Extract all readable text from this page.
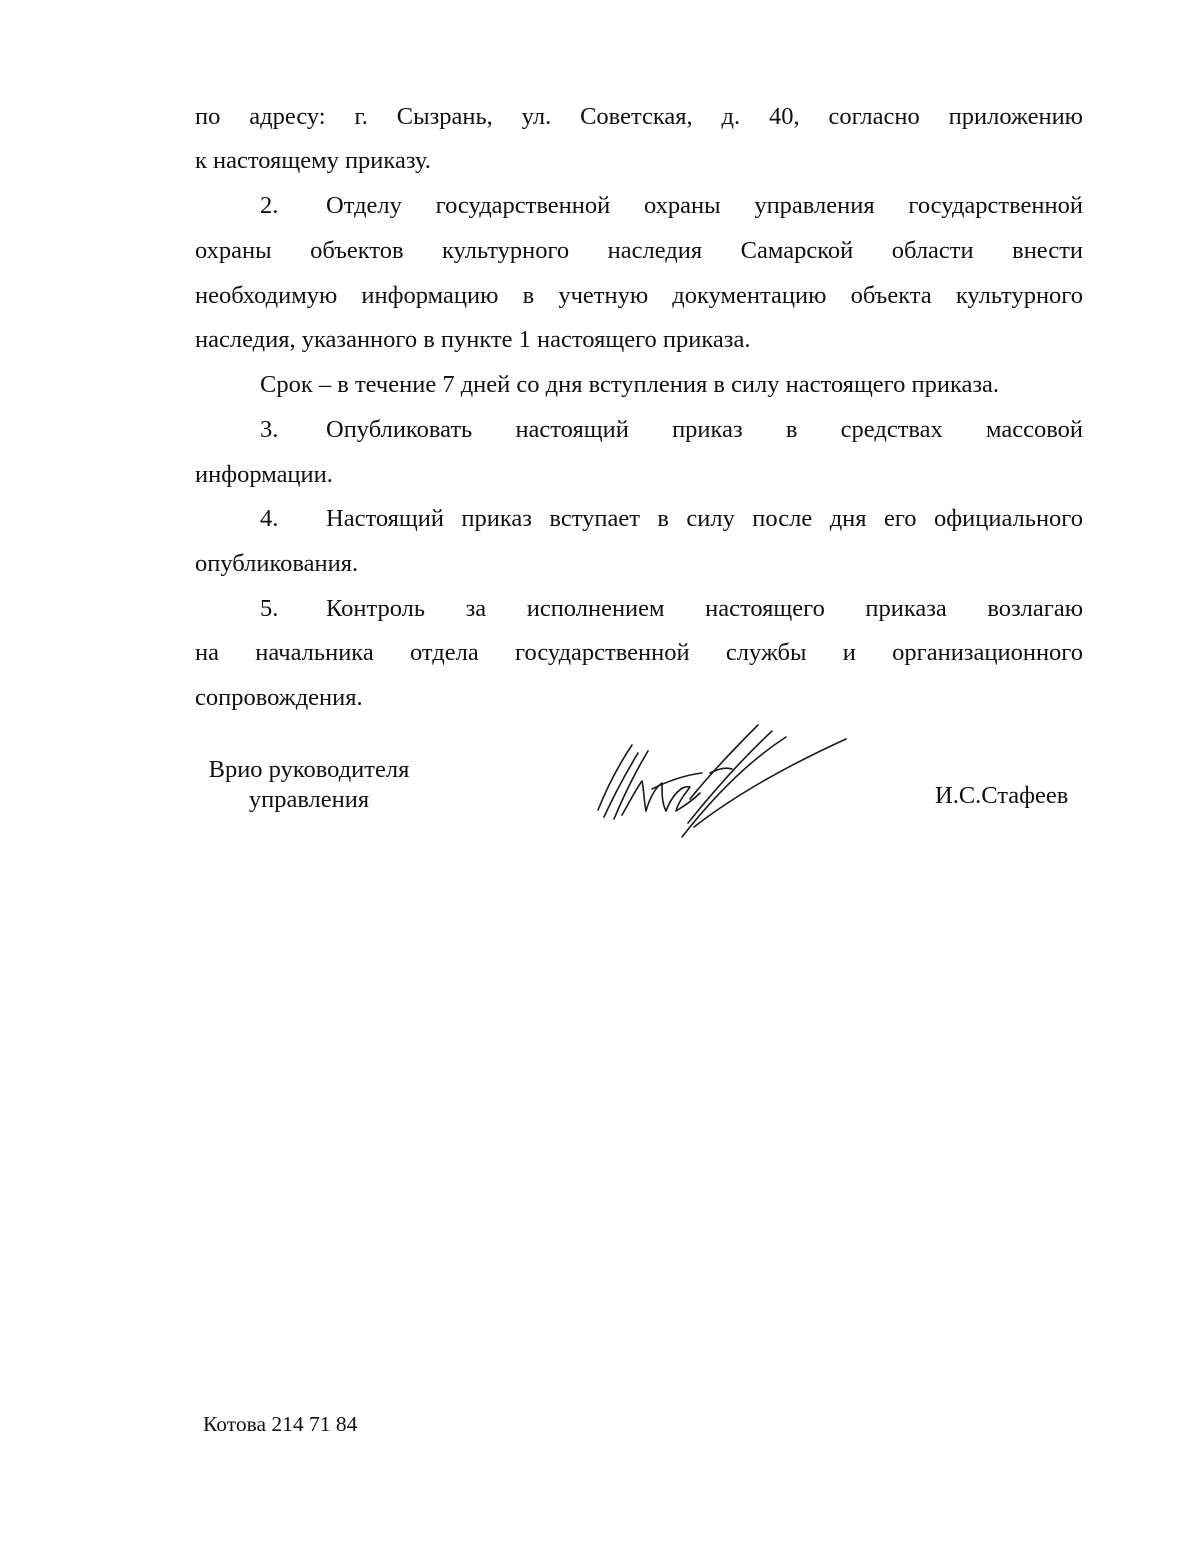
по адресу: г. Сызрань, ул. Советская, д. 40, согласно приложению
к настоящему приказу.
2.	Отделу государственной охраны управления государственной
охраны объектов культурного наследия Самарской области внести
необходимую информацию в учетную документацию объекта культурного
наследия, указанного в пункте 1 настоящего приказа.
Срок – в течение 7 дней со дня вступления в силу настоящего приказа.
3.	Опубликовать настоящий приказ в средствах массовой
информации.
4.	Настоящий приказ вступает в силу после дня его официального
опубликования.
5.	Контроль за исполнением настоящего приказа возлагаю
на начальника отдела государственной службы и организационного
сопровождения.
Врио руководителя
управления	И.С.Стафеев
Котова 214 71 84
